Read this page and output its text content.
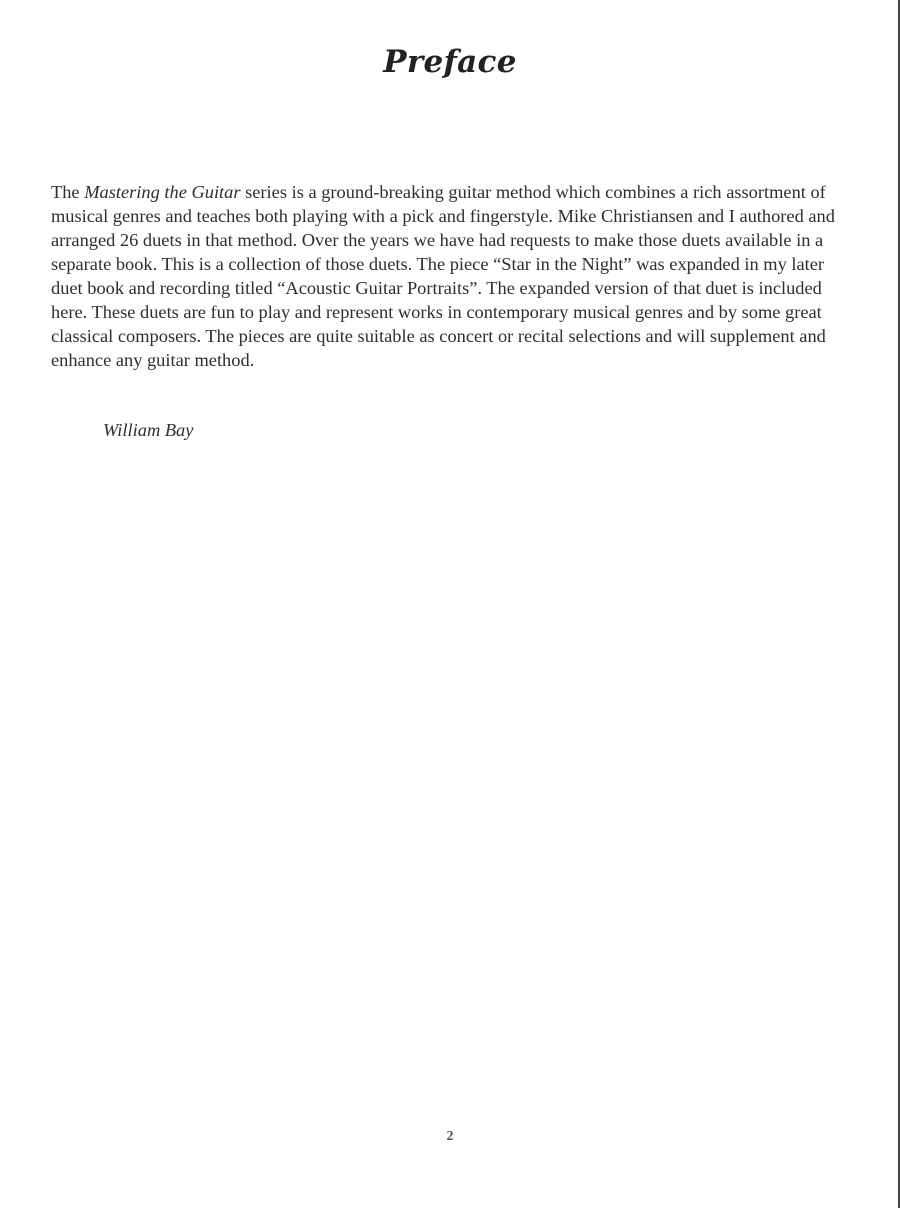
Preface

The Mastering the Guitar series is a ground-breaking guitar method which combines a rich assortment of musical genres and teaches both playing with a pick and fingerstyle. Mike Christiansen and I authored and arranged 26 duets in that method. Over the years we have had requests to make those duets available in a separate book. This is a collection of those duets. The piece “Star in the Night” was expanded in my later duet book and recording titled “Acoustic Guitar Portraits”. The expanded version of that duet is included here. These duets are fun to play and represent works in contemporary musical genres and by some great classical composers. The pieces are quite suitable as concert or recital selections and will supplement and enhance any guitar method.

William Bay

2
